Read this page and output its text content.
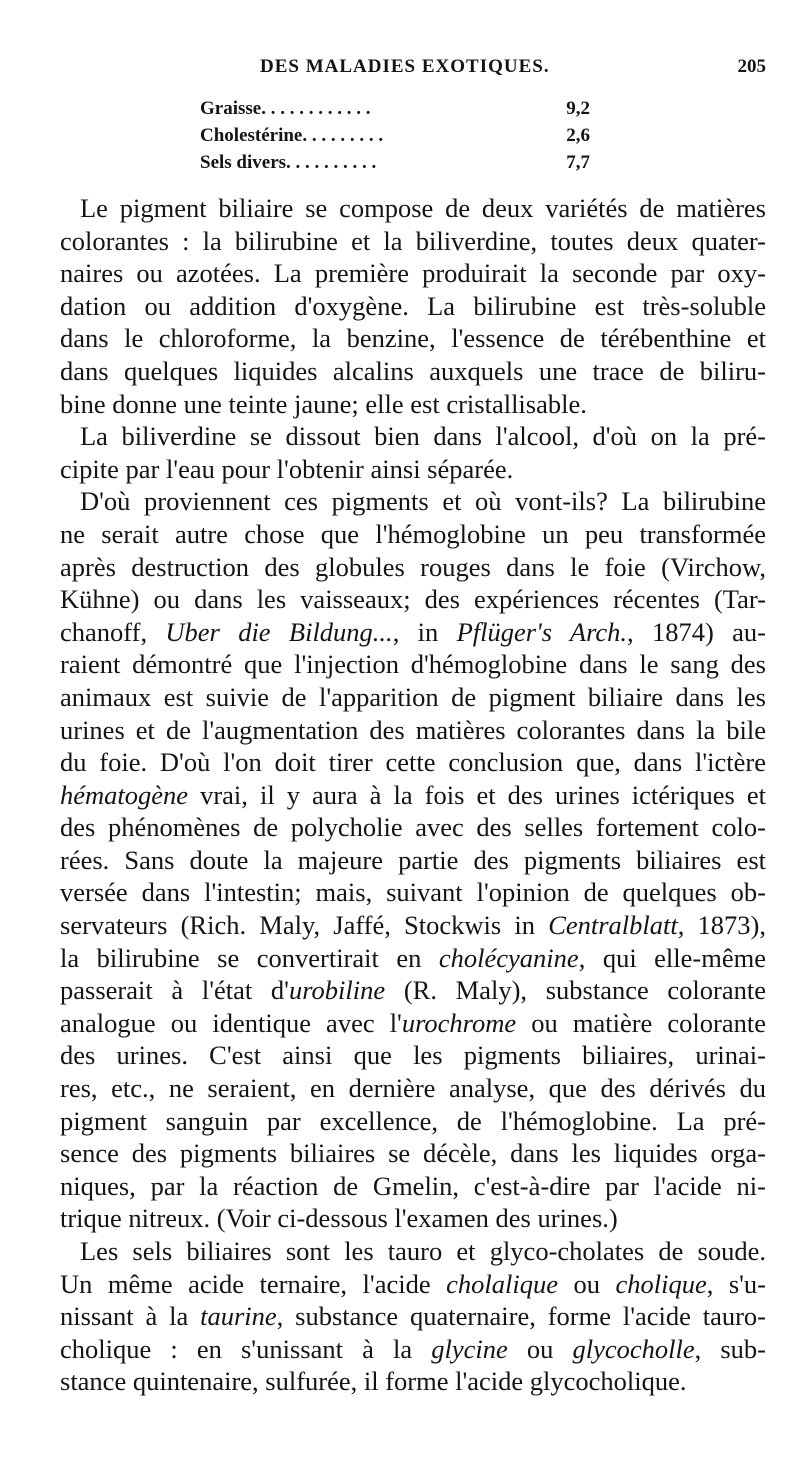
DES MALADIES EXOTIQUES.	205
Graisse. . . . . . . . . . . .	9,2
Cholestérine. . . . . . . . .	2,6
Sels divers. . . . . . . . . .	7,7
Le pigment biliaire se compose de deux variétés de matières
colorantes : la bilirubine et la biliverdine, toutes deux quater-
naires ou azotées. La première produirait la seconde par oxy-
dation ou addition d'oxygène. La bilirubine est très-soluble
dans le chloroforme, la benzine, l'essence de térébenthine et
dans quelques liquides alcalins auxquels une trace de biliru-
bine donne une teinte jaune; elle est cristallisable.
La biliverdine se dissout bien dans l'alcool, d'où on la pré-
cipite par l'eau pour l'obtenir ainsi séparée.
D'où proviennent ces pigments et où vont-ils? La bilirubine
ne serait autre chose que l'hémoglobine un peu transformée
après destruction des globules rouges dans le foie (Virchow,
Kühne) ou dans les vaisseaux; des expériences récentes (Tar-
chanoff, Uber die Bildung..., in Pflüger's Arch., 1874) au-
raient démontré que l'injection d'hémoglobine dans le sang des
animaux est suivie de l'apparition de pigment biliaire dans les
urines et de l'augmentation des matières colorantes dans la bile
du foie. D'où l'on doit tirer cette conclusion que, dans l'ictère
hématogène vrai, il y aura à la fois et des urines ictériques et
des phénomènes de polycholie avec des selles fortement colo-
rées. Sans doute la majeure partie des pigments biliaires est
versée dans l'intestin; mais, suivant l'opinion de quelques ob-
servateurs (Rich. Maly, Jaffé, Stockwis in Centralblatt, 1873),
la bilirubine se convertirait en cholécyanine, qui elle-même
passerait à l'état d'urobiline (R. Maly), substance colorante
analogue ou identique avec l'urochrome ou matière colorante
des urines. C'est ainsi que les pigments biliaires, urinai-
res, etc., ne seraient, en dernière analyse, que des dérivés du
pigment sanguin par excellence, de l'hémoglobine. La pré-
sence des pigments biliaires se décèle, dans les liquides orga-
niques, par la réaction de Gmelin, c'est-à-dire par l'acide ni-
trique nitreux. (Voir ci-dessous l'examen des urines.)
Les sels biliaires sont les tauro et glyco-cholates de soude.
Un même acide ternaire, l'acide cholalique ou cholique, s'u-
nissant à la taurine, substance quaternaire, forme l'acide tauro-
cholique : en s'unissant à la glycine ou glycocholle, sub-
stance quintenaire, sulfurée, il forme l'acide glycocholique.
